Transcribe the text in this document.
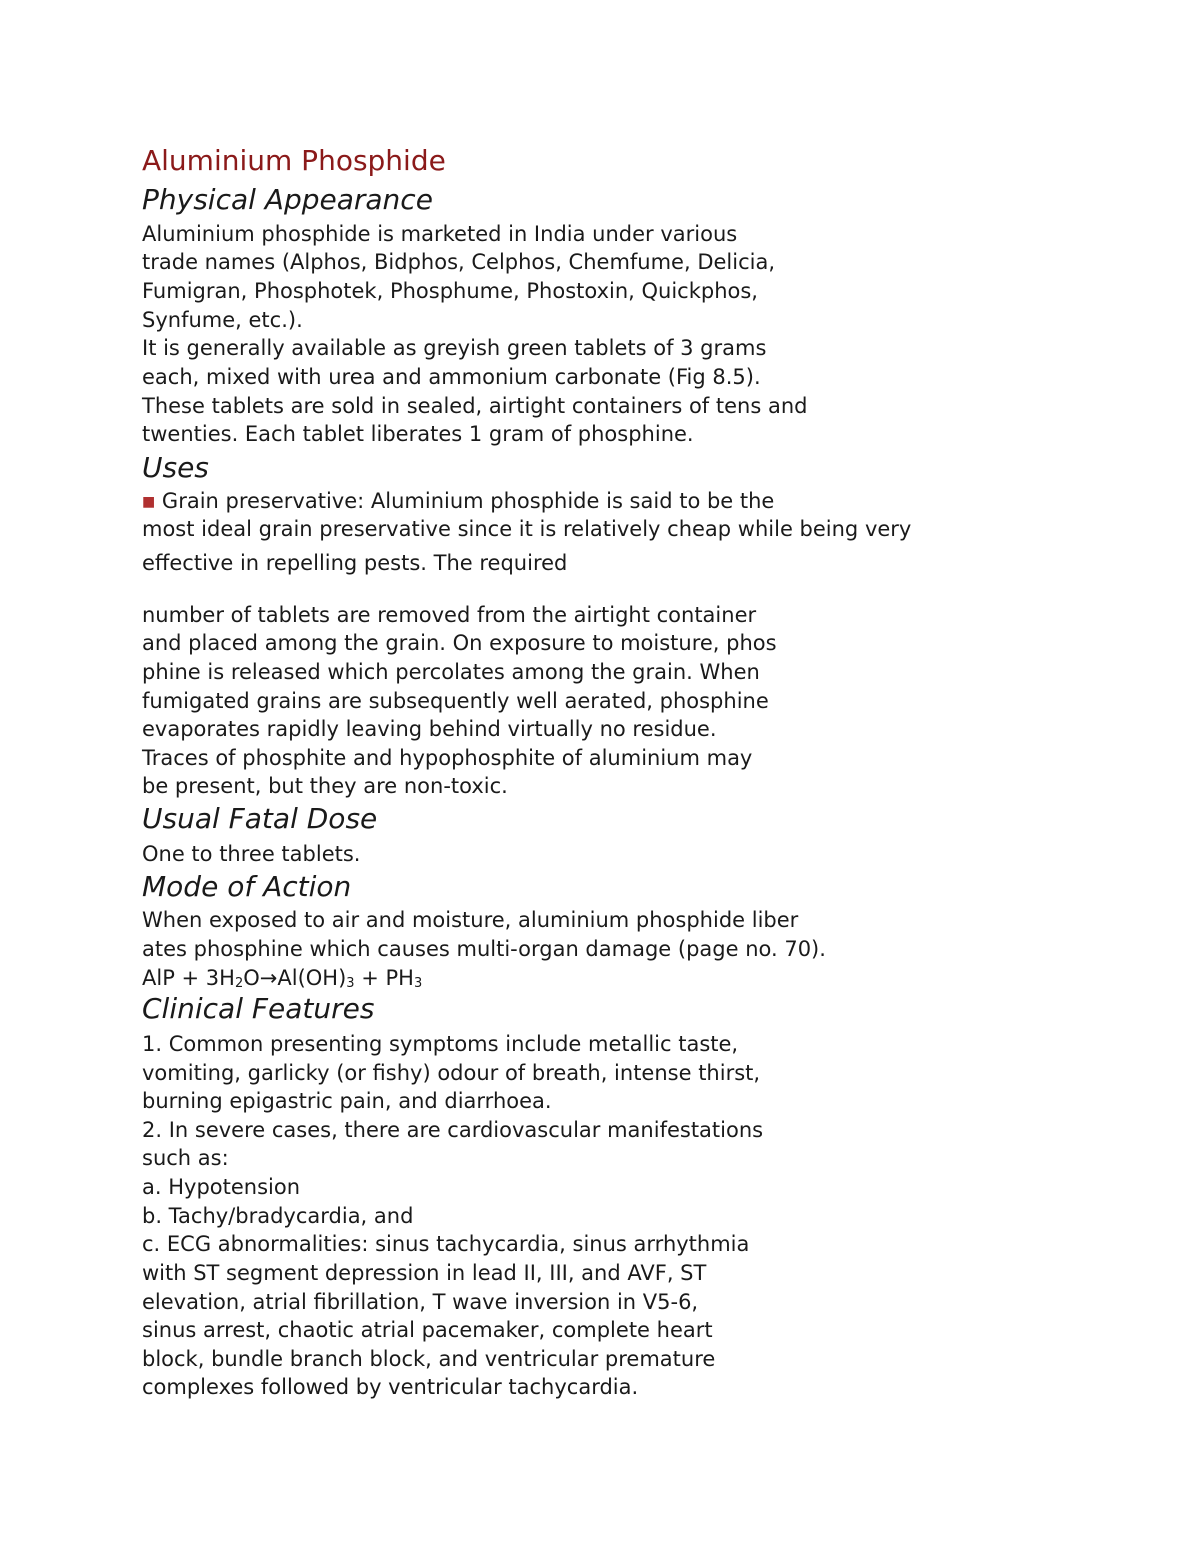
Aluminium Phosphide
Physical Appearance
Aluminium phosphide is marketed in India under various
trade names (Alphos, Bidphos, Celphos, Chemfume, Delicia,
Fumigran, Phosphotek, Phosphume, Phostoxin, Quickphos,
Synfume, etc.).
It is generally available as greyish green tablets of 3 grams
each, mixed with urea and ammonium carbonate (Fig 8.5).
These tablets are sold in sealed, airtight containers of tens and
twenties. Each tablet liberates 1 gram of phosphine.
Uses
■ Grain preservative: Aluminium phosphide is said to be the
most ideal grain preservative since it is relatively cheap while being very
effective in repelling pests. The required
number of tablets are removed from the airtight container
and placed among the grain. On exposure to moisture, phos
phine is released which percolates among the grain. When
fumigated grains are subsequently well aerated, phosphine
evaporates rapidly leaving behind virtually no residue.
Traces of phosphite and hypophosphite of aluminium may
be present, but they are non-toxic.
Usual Fatal Dose
One to three tablets.
Mode of Action
When exposed to air and moisture, aluminium phosphide liber
ates phosphine which causes multi-organ damage (page no. 70).
AlP + $3H_2O\to Al(OH)_3 + PH_3$
Clinical Features
1. Common presenting symptoms include metallic taste,
vomiting, garlicky (or fishy) odour of breath, intense thirst,
burning epigastric pain, and diarrhoea.
2. In severe cases, there are cardiovascular manifestations
such as:
a. Hypotension
b. Tachy/bradycardia, and
c. ECG abnormalities: sinus tachycardia, sinus arrhythmia
with ST segment depression in lead II, III, and AVF, ST
elevation, atrial fibrillation, T wave inversion in V5-6,
sinus arrest, chaotic atrial pacemaker, complete heart
block, bundle branch block, and ventricular premature
complexes followed by ventricular tachycardia.
